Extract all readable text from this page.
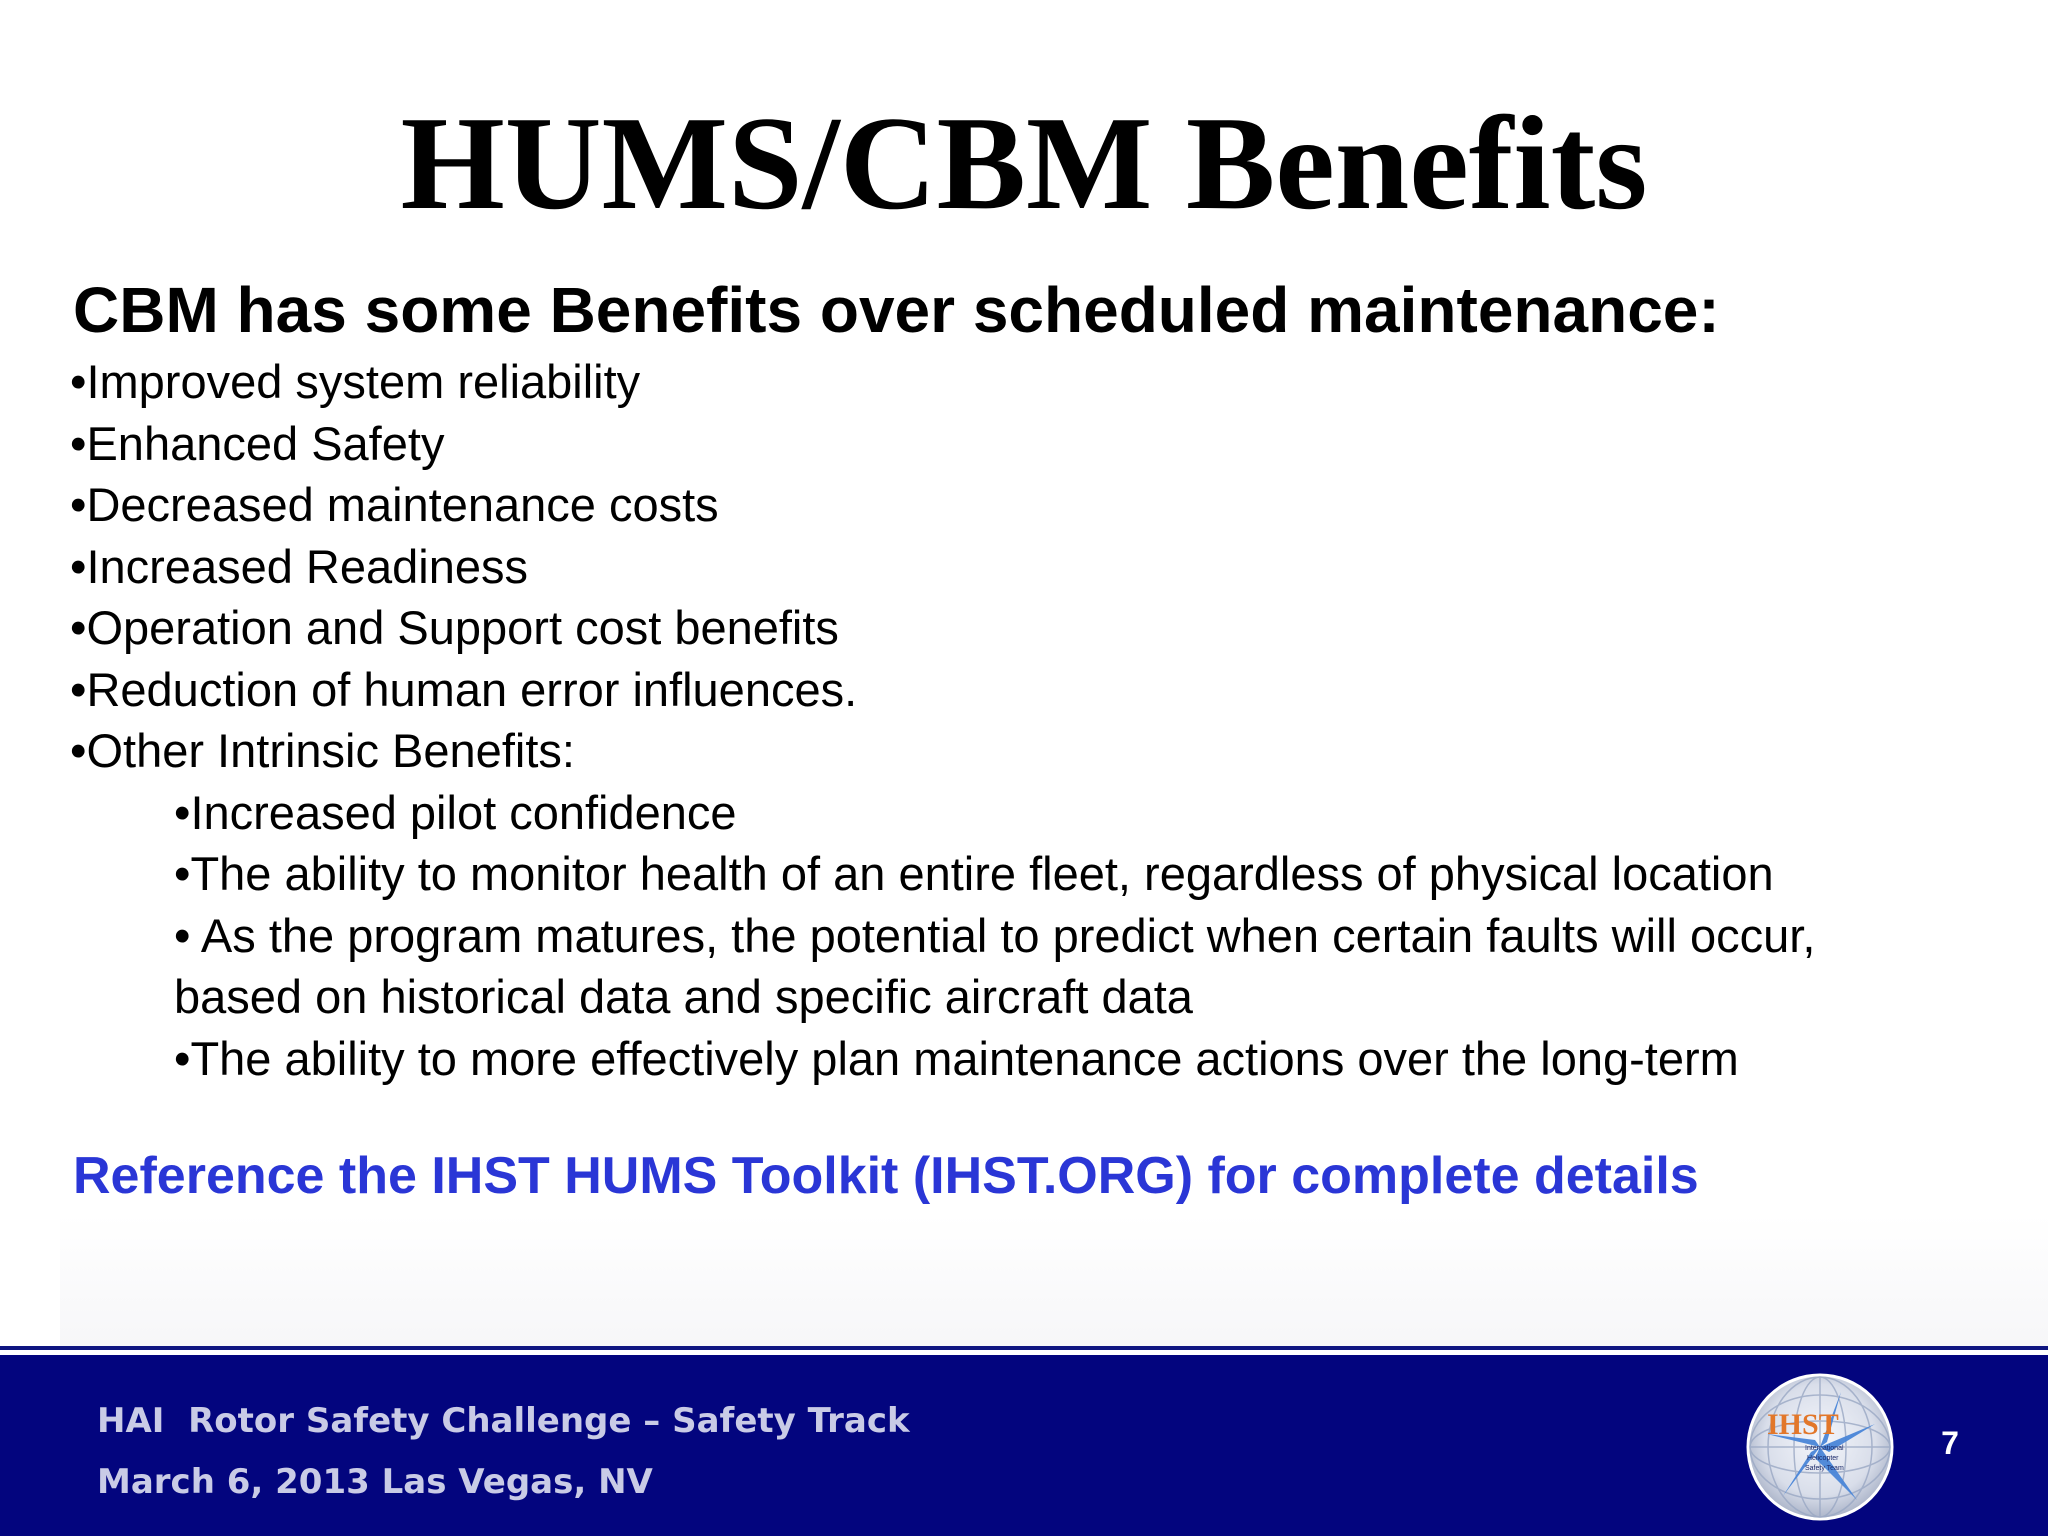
HUMS/CBM Benefits
CBM has some Benefits over scheduled maintenance:
•Improved system reliability
•Enhanced Safety
•Decreased maintenance costs
•Increased Readiness
•Operation and Support cost benefits
•Reduction of human error influences.
•Other Intrinsic Benefits:
•Increased pilot confidence
•The ability to monitor health of an entire fleet, regardless of physical location
• As the program matures, the potential to predict when certain faults will occur, based on historical data and specific aircraft data
•The ability to more effectively plan maintenance actions over the long-term
Reference the IHST HUMS Toolkit (IHST.ORG) for complete details
HAI  Rotor Safety Challenge – Safety Track
March 6, 2013 Las Vegas, NV
IHST
International
Helicopter
Safety Team
7
